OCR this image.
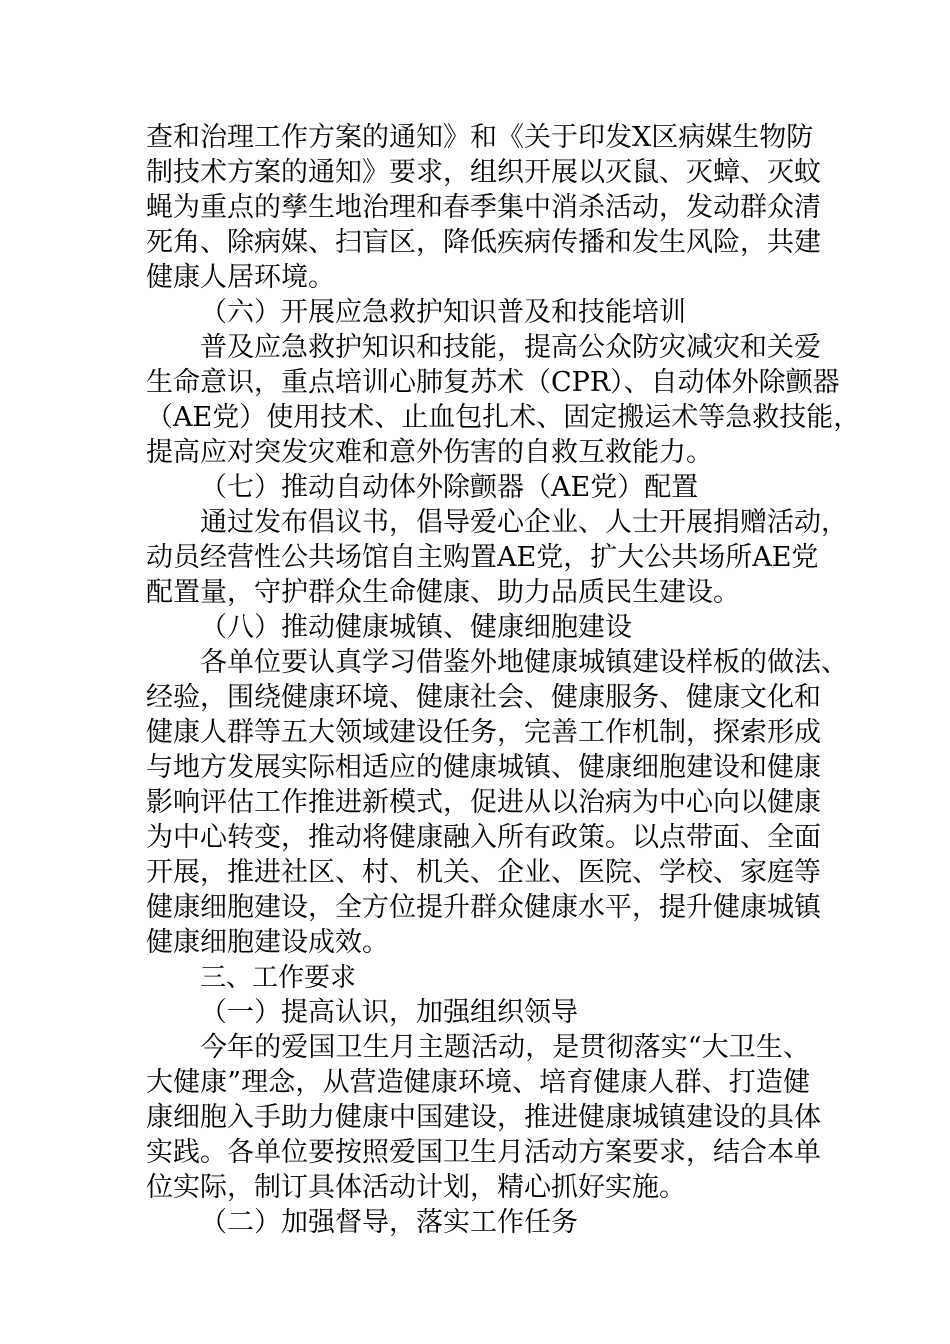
查和治理工作方案的通知》和《关于印发X区病媒生物防
制技术方案的通知》要求，组织开展以灭鼠、灭蟑、灭蚊
蝇为重点的孳生地治理和春季集中消杀活动，发动群众清
死角、除病媒、扫盲区，降低疾病传播和发生风险，共建
健康人居环境。
（六）开展应急救护知识普及和技能培训
普及应急救护知识和技能，提高公众防灾减灾和关爱
生命意识，重点培训心肺复苏术（CPR）、自动体外除颤器
（AE党）使用技术、止血包扎术、固定搬运术等急救技能，
提高应对突发灾难和意外伤害的自救互救能力。
（七）推动自动体外除颤器（AE党）配置
通过发布倡议书，倡导爱心企业、人士开展捐赠活动，
动员经营性公共场馆自主购置AE党，扩大公共场所AE党
配置量，守护群众生命健康、助力品质民生建设。
（八）推动健康城镇、健康细胞建设
各单位要认真学习借鉴外地健康城镇建设样板的做法、
经验，围绕健康环境、健康社会、健康服务、健康文化和
健康人群等五大领域建设任务，完善工作机制，探索形成
与地方发展实际相适应的健康城镇、健康细胞建设和健康
影响评估工作推进新模式，促进从以治病为中心向以健康
为中心转变，推动将健康融入所有政策。以点带面、全面
开展，推进社区、村、机关、企业、医院、学校、家庭等
健康细胞建设，全方位提升群众健康水平，提升健康城镇
健康细胞建设成效。
三、工作要求
（一）提高认识，加强组织领导
今年的爱国卫生月主题活动，是贯彻落实“大卫生、
大健康”理念，从营造健康环境、培育健康人群、打造健
康细胞入手助力健康中国建设，推进健康城镇建设的具体
实践。各单位要按照爱国卫生月活动方案要求，结合本单
位实际，制订具体活动计划，精心抓好实施。
（二）加强督导，落实工作任务
